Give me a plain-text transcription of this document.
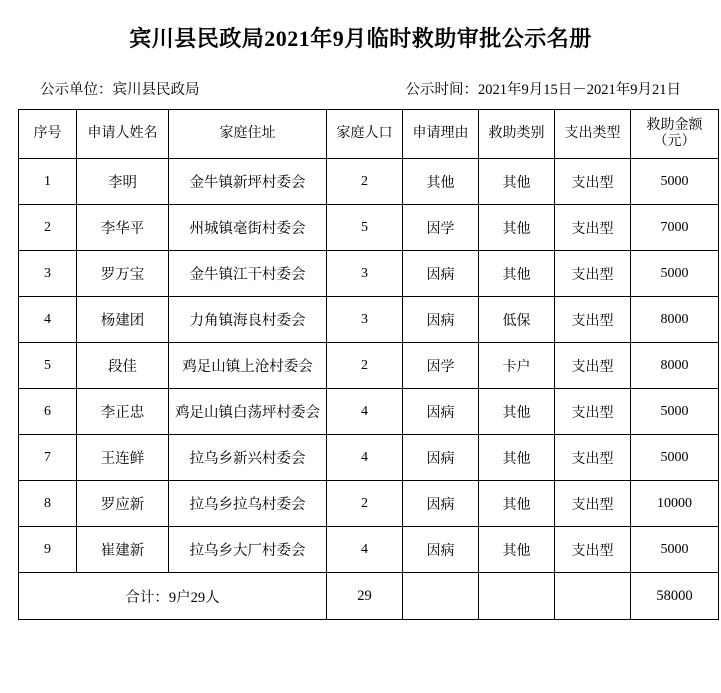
宾川县民政局2021年9月临时救助审批公示名册
公示单位：宾川县民政局	公示时间：2021年9月15日－2021年9月21日
序号	申请人姓名	家庭住址	家庭人口	申请理由	救助类别	支出类型	救助金额
（元）

1	李明	金牛镇新坪村委会	2	其他	其他	支出型	5000
2	李华平	州城镇毫街村委会	5	因学	其他	支出型	7000
3	罗万宝	金牛镇江干村委会	3	因病	其他	支出型	5000
4	杨建团	力角镇海良村委会	3	因病	低保	支出型	8000
5	段佳	鸡足山镇上沧村委会	2	因学	卡户	支出型	8000
6	李正忠	鸡足山镇白荡坪村委会	4	因病	其他	支出型	5000
7	王连鲜	拉乌乡新兴村委会	4	因病	其他	支出型	5000
8	罗应新	拉乌乡拉乌村委会	2	因病	其他	支出型	10000
9	崔建新	拉乌乡大厂村委会	4	因病	其他	支出型	5000
合计：9户29人			29				58000
